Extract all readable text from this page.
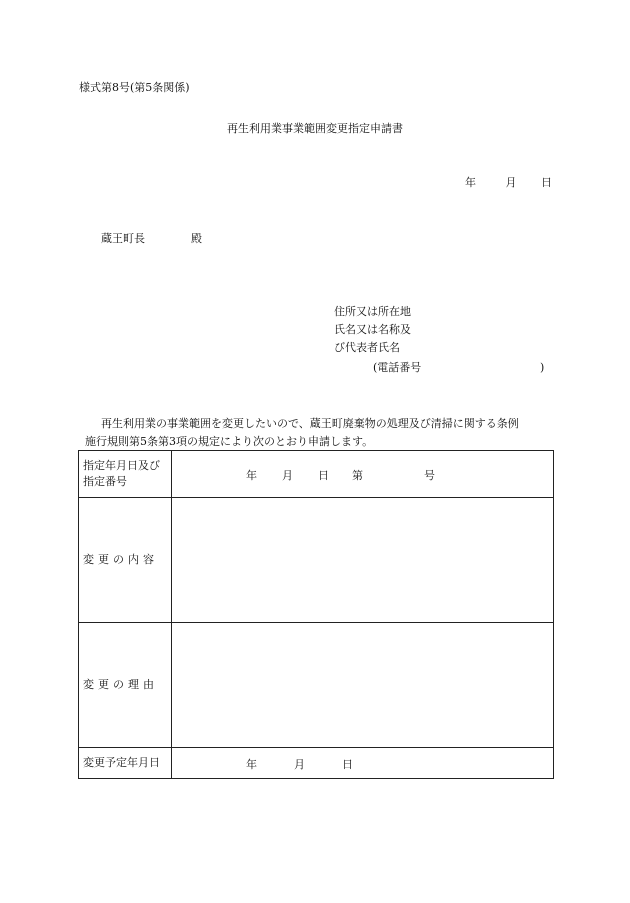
様式第8号(第5条関係)
再生利用業事業範囲変更指定申請書
年	月 日
蔵王町長	殿
住所又は所在地
氏名又は名称及
び代表者氏名
(電話番号	)

再生利用業の事業範囲を変更したいので、蔵王町廃棄物の処理及び清掃に関する条例

施行規則第5条第3項の規定により次のとおり申請します。

指定年月日及び指定番号	年 月 日 第 号

変更の内容	
変更の理由	
変更予定年月日	年 月 日
